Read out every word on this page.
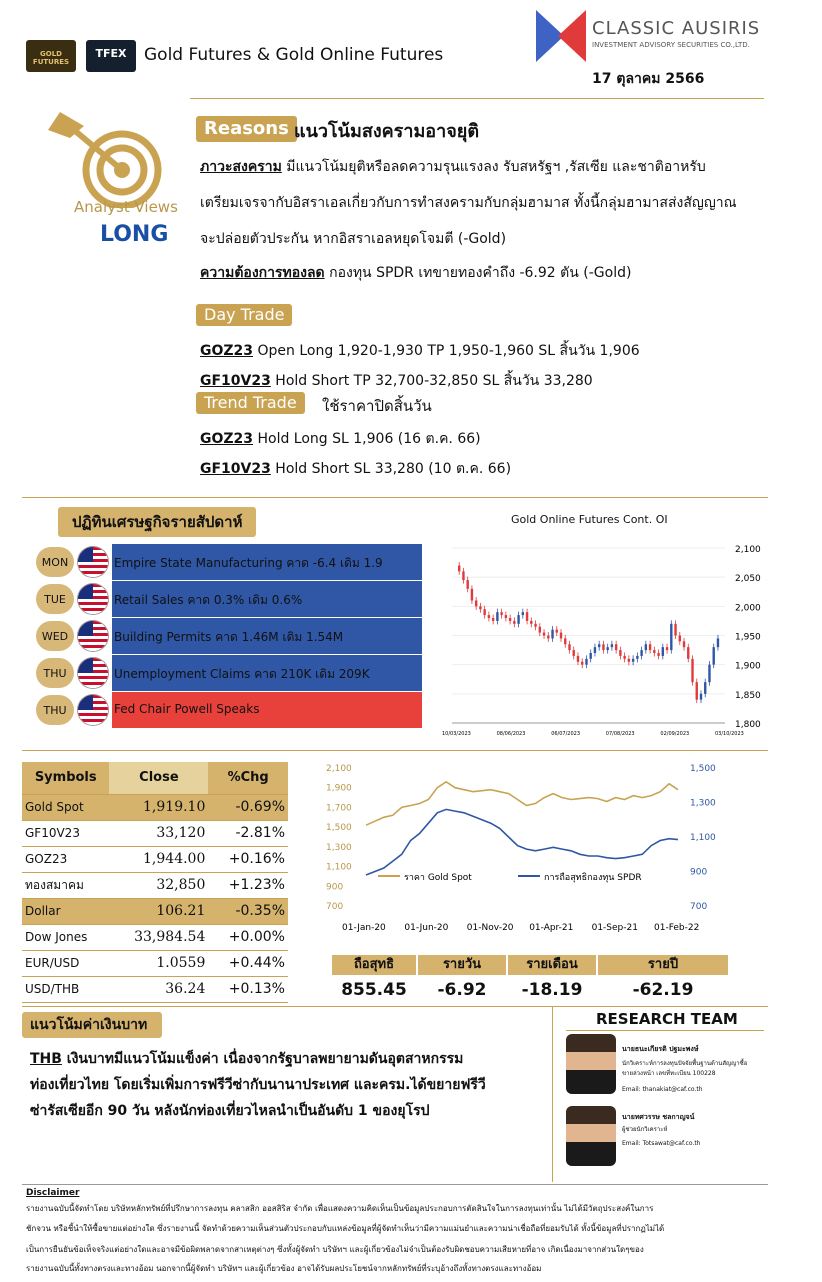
GOLD FUTURES
TFEX	Gold Futures & Gold Online Futures
CLASSIC AUSIRIS
INVESTMENT ADVISORY SECURITIES CO.,LTD.
17 ตุลาคม 2566
Analyst Views
LONG
Reasons แนวโน้มสงครามอาจยุติ
ภาวะสงคราม มีแนวโน้มยุติหรือลดความรุนแรงลง รับสหรัฐฯ ,รัสเซีย และชาติอาหรับ
เตรียมเจรจากับอิสราเอลเกี่ยวกับการทำสงครามกับกลุ่มฮามาส ทั้งนี้กลุ่มฮามาสส่งสัญญาณ
จะปล่อยตัวประกัน หากอิสราเอลหยุดโจมตี (-Gold)
ความต้องการทองลด กองทุน SPDR เทขายทองคำถึง -6.92 ตัน (-Gold)
Day Trade
GOZ23 Open Long 1,920-1,930 TP 1,950-1,960 SL สิ้นวัน 1,906
GF10V23 Hold Short TP 32,700-32,850 SL สิ้นวัน 33,280
Trend Trade	ใช้ราคาปิดสิ้นวัน
GOZ23 Hold Long SL 1,906 (16 ต.ค. 66)
GF10V23 Hold Short SL 33,280 (10 ต.ค. 66)
ปฏิทินเศรษฐกิจรายสัปดาห์
MON	Empire State Manufacturing คาด -6.4 เดิม 1.9
TUE	Retail Sales คาด 0.3% เดิม 0.6%
WED	Building Permits คาด 1.46M เดิม 1.54M
THU	Unemployment Claims คาด 210K เดิม 209K
THU	Fed Chair Powell Speaks
Gold Online Futures Cont. OI
2,100
2,050
2,000
1,950
1,900
1,850
1,800
10/03/2023	08/06/2023	06/07/2023	07/08/2023	02/09/2023	03/10/2023
Symbols	Close	%Chg
Gold Spot	1,919.10	-0.69%
GF10V23	33,120	-2.81%
GOZ23	1,944.00	+0.16%
ทองสมาคม	32,850	+1.23%
Dollar	106.21	-0.35%
Dow Jones	33,984.54	+0.00%
EUR/USD	1.0559	+0.44%
USD/THB	36.24	+0.13%
2,100
1,900
1,700
1,500
1,300
1,100
900
700
1,500
1,300
1,100
900
700
01-Jan-20 01-Jun-20 01-Nov-20 01-Apr-21 01-Sep-21 01-Feb-22
ราคา Gold Spot	การถือสุทธิกองทุน SPDR
ถือสุทธิ	รายวัน	รายเดือน	รายปี
855.45	-6.92	-18.19	-62.19
แนวโน้มค่าเงินบาท
THB เงินบาทมีแนวโน้มแข็งค่า เนื่องจากรัฐบาลพยายามดันอุตสาหกรรม
ท่องเที่ยวไทย โดยเริ่มเพิ่มการฟรีวีซ่ากับนานาประเทศ และครม.ได้ขยายฟรีวี
ซ่ารัสเซียอีก 90 วัน หลังนักท่องเที่ยวไหลนำเป็นอันดับ 1 ของยุโรป
RESEARCH TEAM
นายธนะเกียรติ ปฐมะพงษ์
นักวิเคราะห์การลงทุนปัจจัยพื้นฐานด้านสัญญาซื้อ
ขายล่วงหน้า เลขที่ทะเบียน 100228
Email: thanakiat@caf.co.th
นายทศวรรษ ชลกาญจน์
ผู้ช่วยนักวิเคราะห์
Email: Totsawat@caf.co.th
Disclaimer
รายงานฉบับนี้จัดทำโดย บริษัทหลักทรัพย์ที่ปรึกษาการลงทุน คลาสสิก ออสสิริส จำกัด เพื่อแสดงความคิดเห็นเป็นข้อมูลประกอบการตัดสินใจในการลงทุนเท่านั้น ไม่ได้มีวัตถุประสงค์ในการ
ชักจวน หรือชี้นำให้ซื้อขายแต่อย่างใด ซึ่งรายงานนี้ จัดทำด้วยความเห็นส่วนตัวประกอบกับแหล่งข้อมูลที่ผู้จัดทำเห็นว่ามีความแม่นยำและความน่าเชื่อถือที่ยอมรับได้ ทั้งนี้ข้อมูลที่ปรากฏไม่ได้
เป็นการยืนยันข้อเท็จจริงแต่อย่างใดและอาจมีข้อผิดพลาดจากสาเหตุต่างๆ ซึ่งทั้งผู้จัดทำ บริษัทฯ และผู้เกี่ยวข้องไม่จำเป็นต้องรับผิดชอบความเสียหายที่อาจ เกิดเนื่องมาจากส่วนใดๆของ
รายงานฉบับนี้ทั้งทางตรงและทางอ้อม นอกจากนี้ผู้จัดทำ บริษัทฯ และผู้เกี่ยวข้อง อาจได้รับผลประโยชน์จากหลักทรัพย์ที่ระบุอ้างถึงทั้งทางตรงและทางอ้อม
